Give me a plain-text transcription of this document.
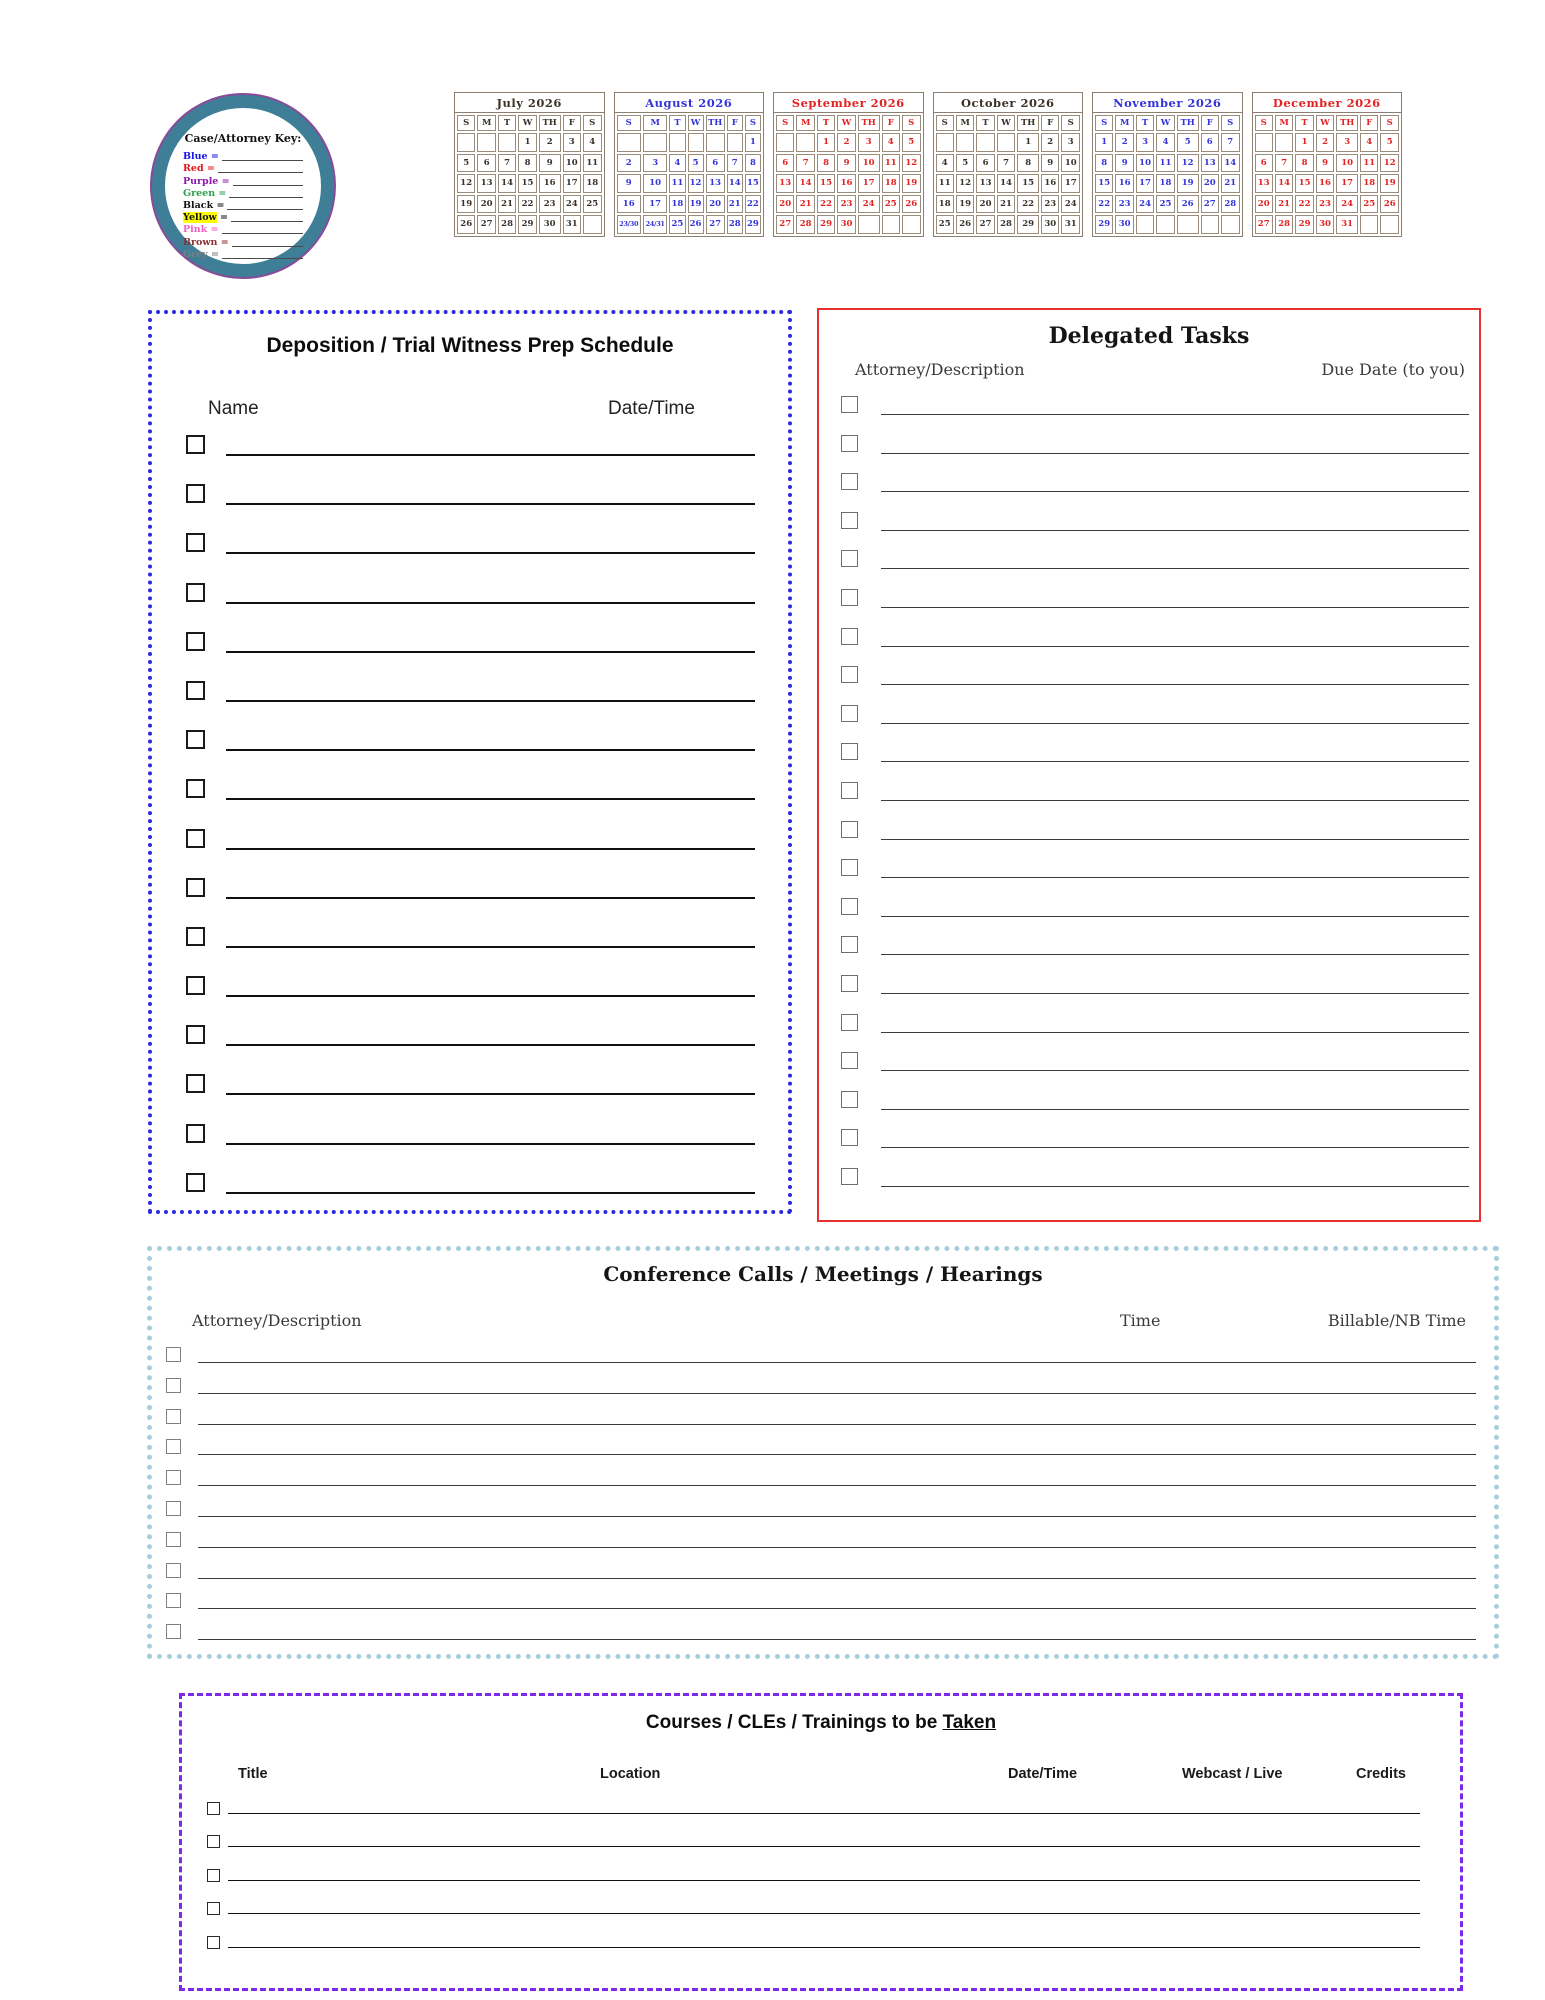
Case/Attorney Key:
Blue =
Red =
Purple =
Green =
Black =
Yellow =
Pink =
Brown =
Grey =
July 2026
S	M	T	W	TH	F	S
			1	2	3	4
5	6	7	8	9	10	11
12	13	14	15	16	17	18
19	20	21	22	23	24	25
26	27	28	29	30	31	
August 2026
S	M	T	W	TH	F	S
						1
2	3	4	5	6	7	8
9	10	11	12	13	14	15
16	17	18	19	20	21	22
23/30	24/31	25	26	27	28	29
September 2026
S	M	T	W	TH	F	S
		1	2	3	4	5
6	7	8	9	10	11	12
13	14	15	16	17	18	19
20	21	22	23	24	25	26
27	28	29	30			
October 2026
S	M	T	W	TH	F	S
				1	2	3
4	5	6	7	8	9	10
11	12	13	14	15	16	17
18	19	20	21	22	23	24
25	26	27	28	29	30	31
November 2026
S	M	T	W	TH	F	S
1	2	3	4	5	6	7
8	9	10	11	12	13	14
15	16	17	18	19	20	21
22	23	24	25	26	27	28
29	30					
December 2026
S	M	T	W	TH	F	S
		1	2	3	4	5
6	7	8	9	10	11	12
13	14	15	16	17	18	19
20	21	22	23	24	25	26
27	28	29	30	31		
Deposition / Trial Witness Prep Schedule
Name	Date/Time
Delegated Tasks
Attorney/Description	Due Date (to you)
Conference Calls / Meetings / Hearings
Attorney/Description	Time	Billable/NB Time
Courses / CLEs / Trainings to be Taken
Title	Location	Date/Time	Webcast / Live	Credits
